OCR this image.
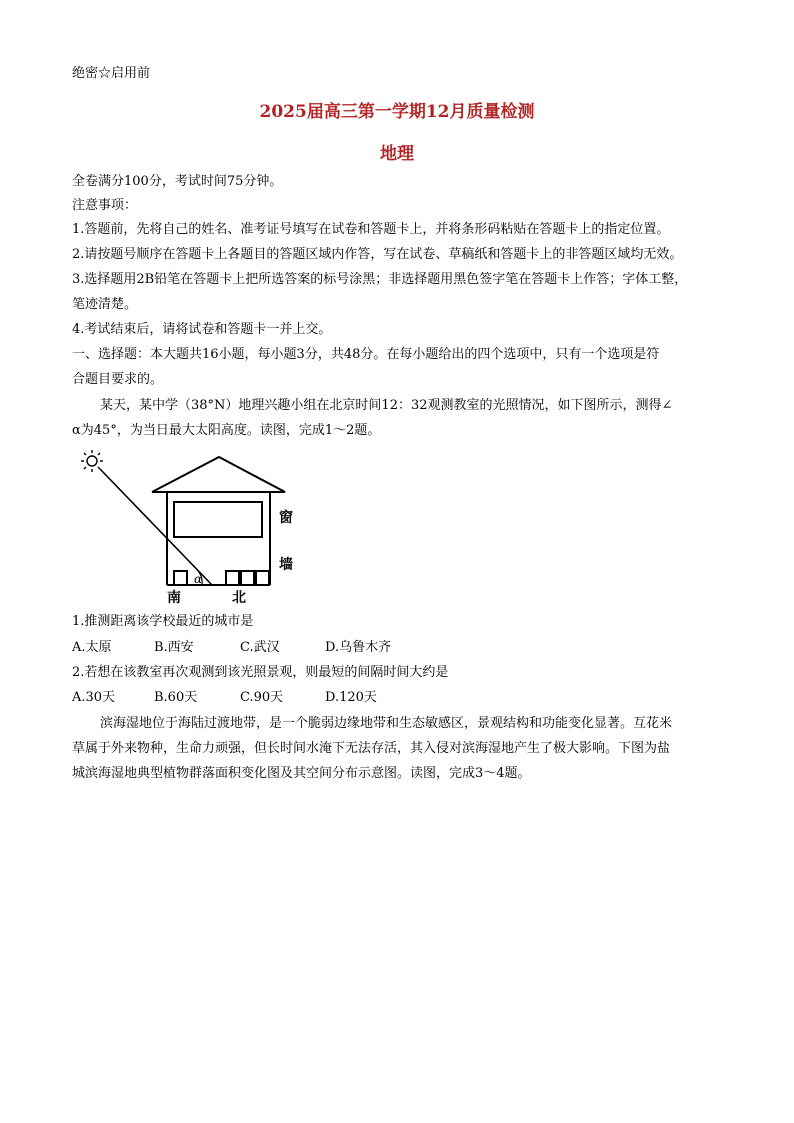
绝密☆启用前
2025届高三第一学期12月质量检测
地理
全卷满分100分，考试时间75分钟。
注意事项：
1.答题前，先将自己的姓名、准考证号填写在试卷和答题卡上，并将条形码粘贴在答题卡上的指定位置。
2.请按题号顺序在答题卡上各题目的答题区域内作答，写在试卷、草稿纸和答题卡上的非答题区域均无效。
3.选择题用2B铅笔在答题卡上把所选答案的标号涂黑；非选择题用黑色签字笔在答题卡上作答；字体工整，
笔迹清楚。
4.考试结束后，请将试卷和答题卡一并上交。
一、选择题：本大题共16小题，每小题3分，共48分。在每小题给出的四个选项中，只有一个选项是符
合题目要求的。
某天，某中学（38°N）地理兴趣小组在北京时间12：32观测教室的光照情况，如下图所示，测得∠
α为45°，为当日最大太阳高度。读图，完成1～2题。
α
窗
墙
南	北
1.推测距离该学校最近的城市是
A.太原	B.西安	C.武汉	D.乌鲁木齐
2.若想在该教室再次观测到该光照景观，则最短的间隔时间大约是
A.30天	B.60天	C.90天	D.120天
滨海湿地位于海陆过渡地带，是一个脆弱边缘地带和生态敏感区，景观结构和功能变化显著。互花米
草属于外来物种，生命力顽强，但长时间水淹下无法存活，其入侵对滨海湿地产生了极大影响。下图为盐
城滨海湿地典型植物群落面积变化图及其空间分布示意图。读图，完成3～4题。
